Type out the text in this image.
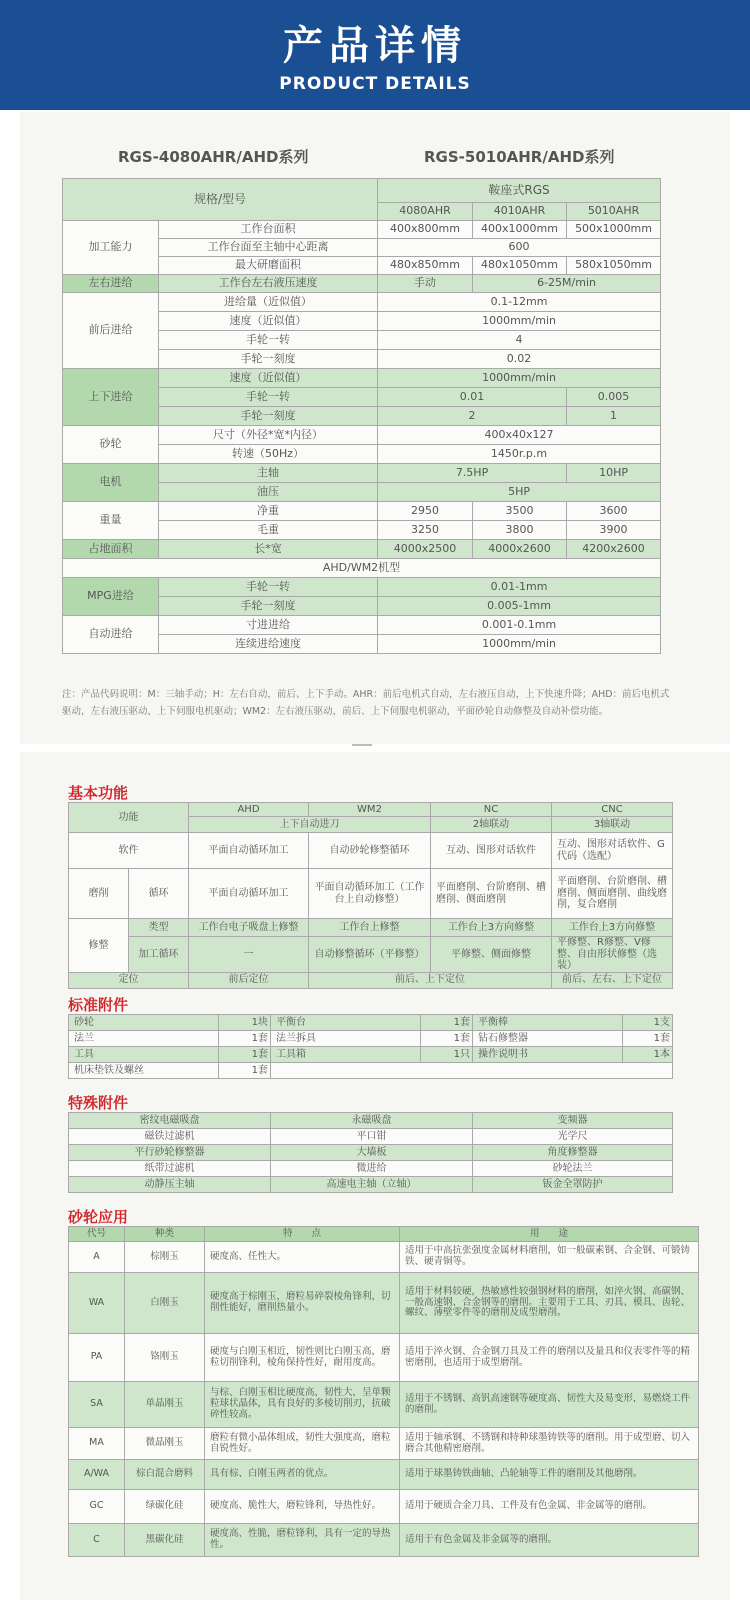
产品详情
PRODUCT DETAILS
RGS-4080AHR/AHD系列	RGS-5010AHR/AHD系列
规格/型号		鞍座式RGS		
		4080AHR	4010AHR	5010AHR
加工能力	工作台面积	400x800mm	400x1000mm	500x1000mm
	工作台面至主轴中心距离	600		
	最大研磨面积	480x850mm	480x1050mm	580x1050mm
左右进给	工作台左右液压速度	手动	6-25M/min	
前后进给	进给量（近似值）	0.1-12mm		
	速度（近似值）	1000mm/min		
	手轮一转	4		
	手轮一刻度	0.02		
上下进给	速度（近似值）	1000mm/min		
	手轮一转	0.01		0.005
	手轮一刻度	2		1
砂轮	尺寸（外径*宽*内径）	400x40x127		
	转速（50Hz）	1450r.p.m		
电机	主轴	7.5HP		10HP
	油压	5HP		
重量	净重	2950	3500	3600
	毛重	3250	3800	3900
占地面积	长*宽	4000x2500	4000x2600	4200x2600
AHD/WM2机型				
MPG进给	手轮一转	0.01-1mm		
	手轮一刻度	0.005-1mm		
自动进给	寸进进给	0.001-0.1mm		
	连续进给速度	1000mm/min		
注：产品代码说明：M：三轴手动；H：左右自动，前后、上下手动。AHR：前后电机式自动，左右液压自动，上下快速升降；AHD：前后电机式驱动，左右液压驱动，上下伺服电机驱动；WM2：左右液压驱动，前后、上下伺服电机驱动，平面砂轮自动修整及自动补偿功能。
基本功能
功能		AHD	WM2	NC	CNC
		上下自动进刀		2轴联动	3轴联动
软件		平面自动循环加工	自动砂轮修整循环	互动、图形对话软件	互动、图形对话软件、G代码（选配）
磨削	循环	平面自动循环加工	平面自动循环加工（工作台上自动修整）	平面磨削、台阶磨削、槽磨削、侧面磨削	平面磨削、台阶磨削、槽磨削、侧面磨削、曲线磨削，复合磨削
修整	类型	工作台电子吸盘上修整	工作台上修整	工作台上3方向修整	工作台上3方向修整
	加工循环	一	自动修整循环（平修整）	平修整、侧面修整	平修整、R修整、V修整、自由形状修整（选装）
定位		前后定位	前后、上下定位		前后、左右、上下定位
标准附件
砂轮	1块	平衡台	1套	平衡棒	1支
法兰	1套	法兰拆具	1套	钻石修整器	1套
工具	1套	工具箱	1只	操作说明书	1本
机床垫铁及螺丝	1套				
特殊附件
密纹电磁吸盘	永磁吸盘	变频器
磁铁过滤机	平口钳	光学尺
平行砂轮修整器	大墙板	角度修整器
纸带过滤机	微进给	砂轮法兰
动静压主轴	高速电主轴（立轴）	钣金全罩防护
砂轮应用
代号	种类	特　　点	用　　途
A	棕刚玉	硬度高、任性大。	适用于中高抗张强度金属材料磨削，如一般碳素钢、合金钢、可锻铸铁、硬青铜等。
WA	白刚玉	硬度高于棕刚玉，磨粒易碎裂棱角锋利，切削性能好，磨削热量小。	适用于材料较硬，热敏感性较强钢材料的磨削，如淬火钢、高碳钢、一般高速钢、合金钢等的磨削。主要用于工具、刃具、模具、齿轮、螺纹、薄壁零件等的磨削及成型磨削。
PA	铬刚玉	硬度与白刚玉相近，韧性则比白刚玉高，磨粒切削锋利，棱角保持性好，耐用度高。	适用于淬火钢、合金钢刀具及工件的磨削以及量具和仪表零件等的精密磨削，也适用于成型磨削。
SA	单晶刚玉	与棕、白刚玉相比硬度高，韧性大，呈单颗粒球状晶体，具有良好的多棱切削刃，抗破碎性较高。	适用于不锈钢、高钒高速钢等硬度高、韧性大及易变形，易燃烧工件的磨削。
MA	微晶刚玉	磨粒有微小晶体组成，韧性大强度高，磨粒自锐性好。	适用于轴承钢、不锈钢和特种球墨铸铁等的磨削。用于成型磨、切入磨合其他精密磨削。
A/WA	棕白混合磨料	具有棕、白刚玉两者的优点。	适用于球墨铸铁曲轴、凸轮轴等工件的磨削及其他磨削。
GC	绿碳化硅	硬度高、脆性大，磨粒锋利，导热性好。	适用于硬质合金刀具、工件及有色金属、非金属等的磨削。
C	黑碳化硅	硬度高、性脆，磨粒锋利，具有一定的导热性。	适用于有色金属及非金属等的磨削。
